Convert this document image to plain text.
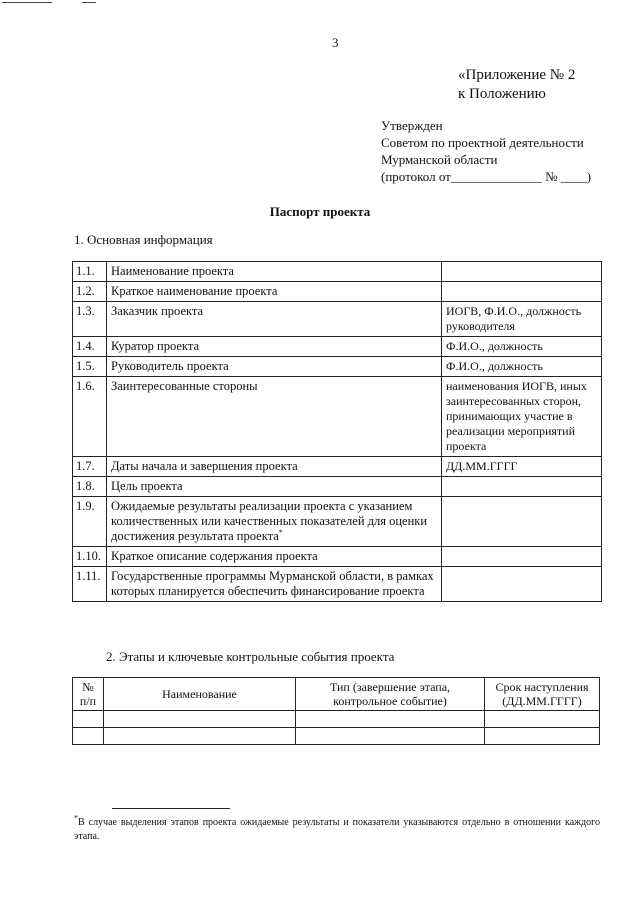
3
«Приложение № 2
к Положению
Утвержден
Советом по проектной деятельности
Мурманской области
(протокол от______________ № ____)
Паспорт проекта
1. Основная информация
1.1.	Наименование проекта	
1.2.	Краткое наименование проекта	
1.3.	Заказчик проекта	ИОГВ, Ф.И.О., должность руководителя
1.4.	Куратор проекта	Ф.И.О., должность
1.5.	Руководитель проекта	Ф.И.О., должность
1.6.	Заинтересованные стороны	наименования ИОГВ, иных заинтересованных сторон, принимающих участие в реализации мероприятий проекта
1.7.	Даты начала и завершения проекта	ДД.ММ.ГГГГ
1.8.	Цель проекта	
1.9.	Ожидаемые результаты реализации проекта с указанием количественных или качественных показателей для оценки достижения результата проекта*	
1.10.	Краткое описание содержания проекта	
1.11.	Государственные программы Мурманской области, в рамках которых планируется обеспечить финансирование проекта	
2. Этапы и ключевые контрольные события проекта
№ п/п	Наименование	Тип (завершение этапа, контрольное событие)	Срок наступления (ДД.ММ.ГГГГ)

*В случае выделения этапов проекта ожидаемые результаты и показатели указываются отдельно в отношении каждого этапа.
